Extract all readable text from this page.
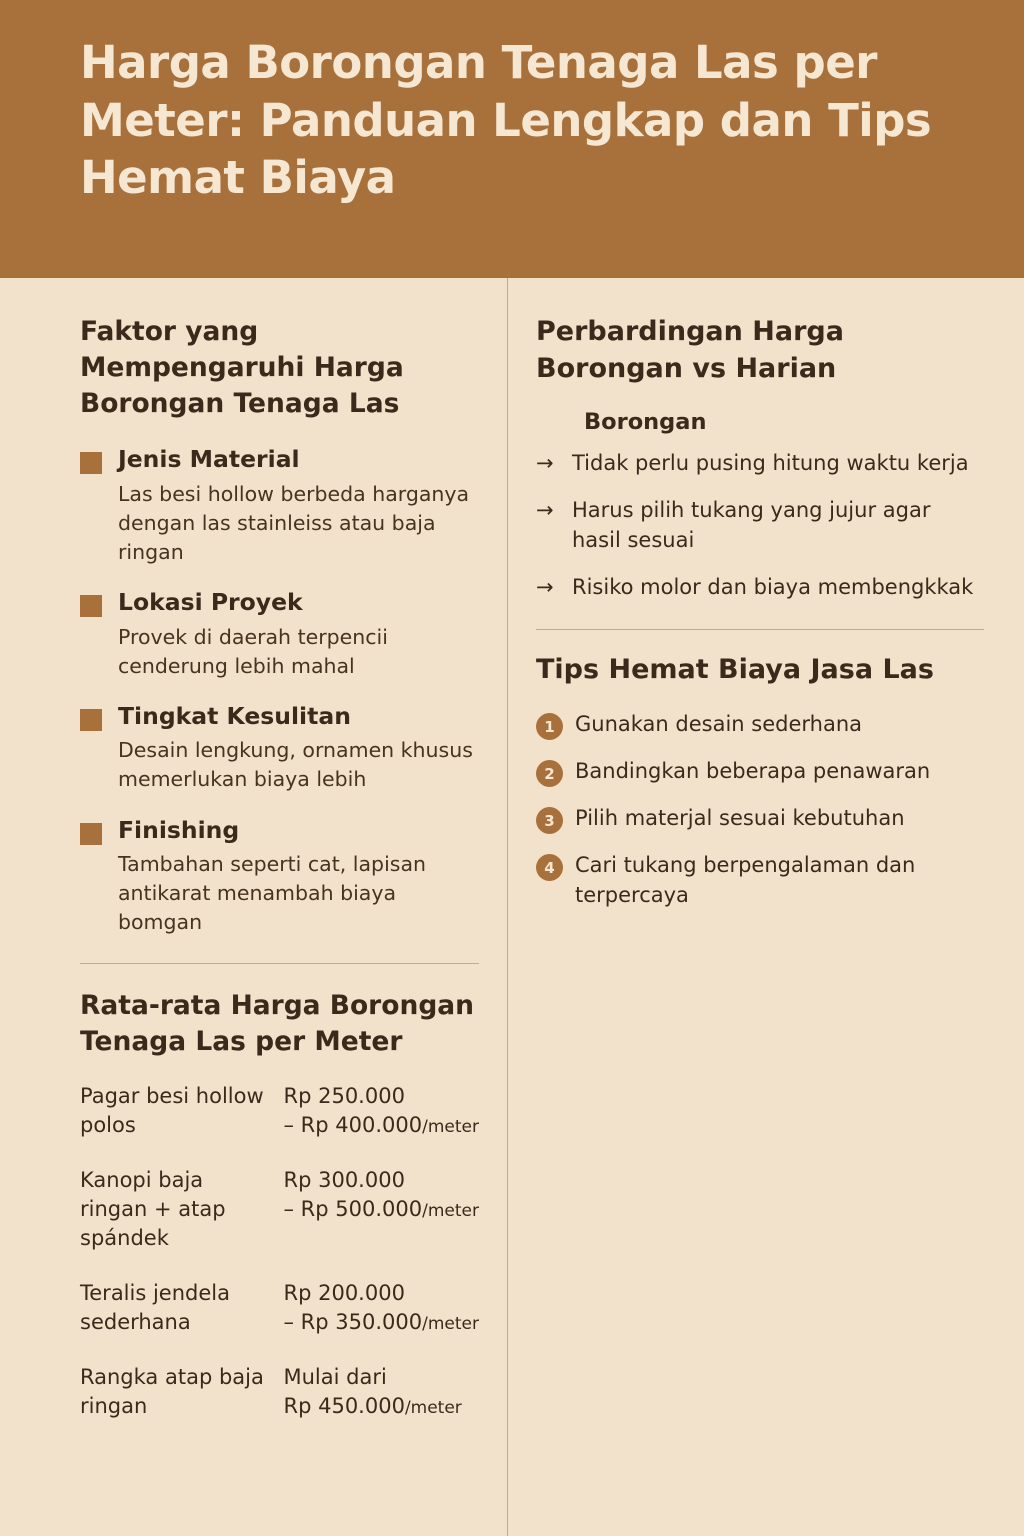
Harga Borongan Tenaga Las per Meter: Panduan Lengkap dan Tips Hemat Biaya
Faktor yang Mempengaruhi Harga Borongan Tenaga Las
Jenis Material
Las besi hollow berbeda harganya dengan las stainleiss atau baja ringan
Lokasi Proyek
Provek di daerah terpencii cenderung lebih mahal
Tingkat Kesulitan
Desain lengkung, ornamen khusus memerlukan biaya lebih
Finishing
Tambahan seperti cat, lapisan antikarat menambah biaya bomgan
Rata-rata Harga Borongan Tenaga Las per Meter
Pagar besi hollow polos	Rp 250.000
– Rp 400.000/meter

Kanopi baja ringan + atap spándek	Rp 300.000
– Rp 500.000/meter

Teralis jendela sederhana	Rp 200.000
– Rp 350.000/meter

Rangka atap baja ringan	Mulai dari
Rp 450.000/meter
Perbardingan Harga Borongan vs Harian
Borongan
→ Tidak perlu pusing hitung waktu kerja
→ Harus pilih tukang yang jujur agar hasil sesuai
→ Risiko molor dan biaya membengkkak
Tips Hemat Biaya Jasa Las
1 Gunakan desain sederhana
2 Bandingkan beberapa penawaran
3 Pilih materjal sesuai kebutuhan
4 Cari tukang berpengalaman dan terpercaya
